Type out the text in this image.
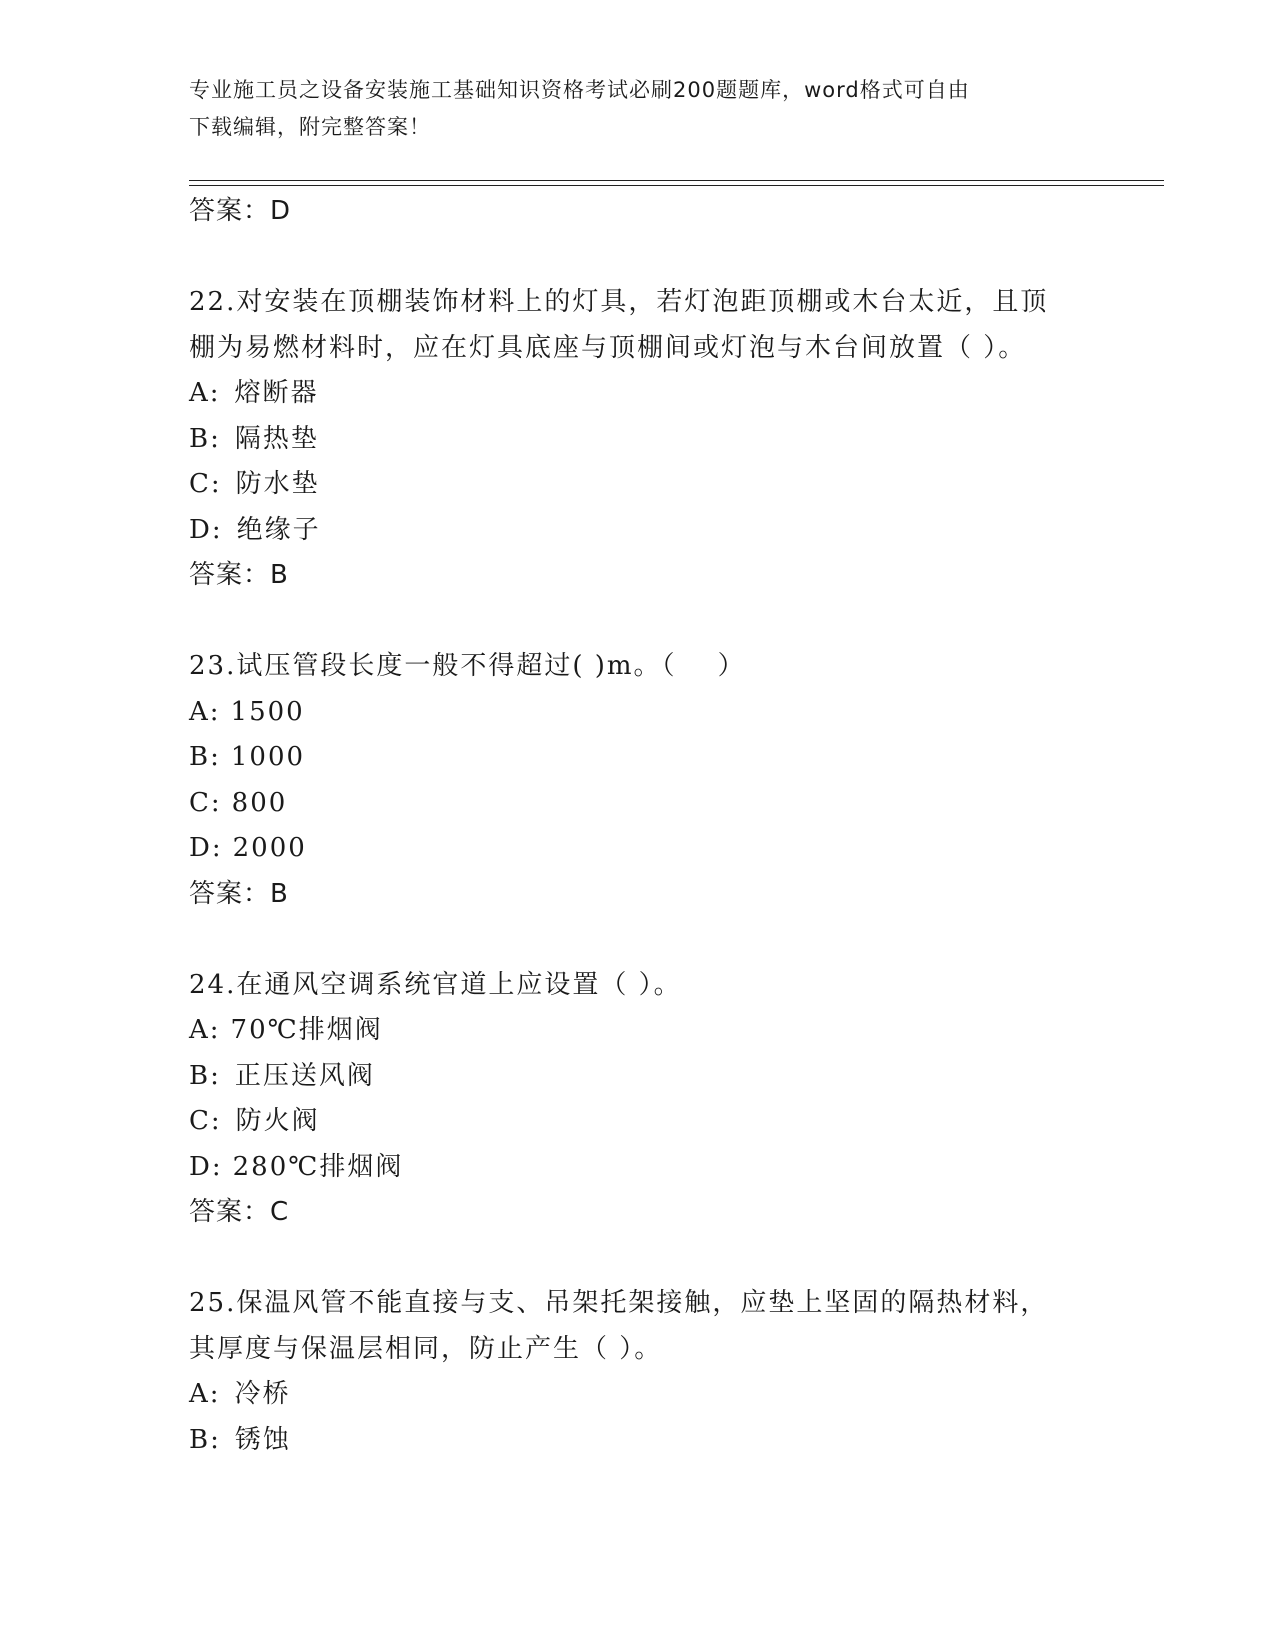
专业施工员之设备安装施工基础知识资格考试必刷200题题库，word格式可自由
下载编辑，附完整答案！
答案：D
22.对安装在顶棚装饰材料上的灯具，若灯泡距顶棚或木台太近，且顶
棚为易燃材料时，应在灯具底座与顶棚间或灯泡与木台间放置（ ）。
A: 熔断器
B: 隔热垫
C: 防水垫
D: 绝缘子
答案：B
23.试压管段长度一般不得超过( )m。（    ）
A: 1500
B: 1000
C: 800
D: 2000
答案：B
24.在通风空调系统官道上应设置（ ）。
A: 70℃排烟阀
B: 正压送风阀
C: 防火阀
D: 280℃排烟阀
答案：C
25.保温风管不能直接与支、吊架托架接触，应垫上坚固的隔热材料，
其厚度与保温层相同，防止产生（ ）。
A: 冷桥
B: 锈蚀
